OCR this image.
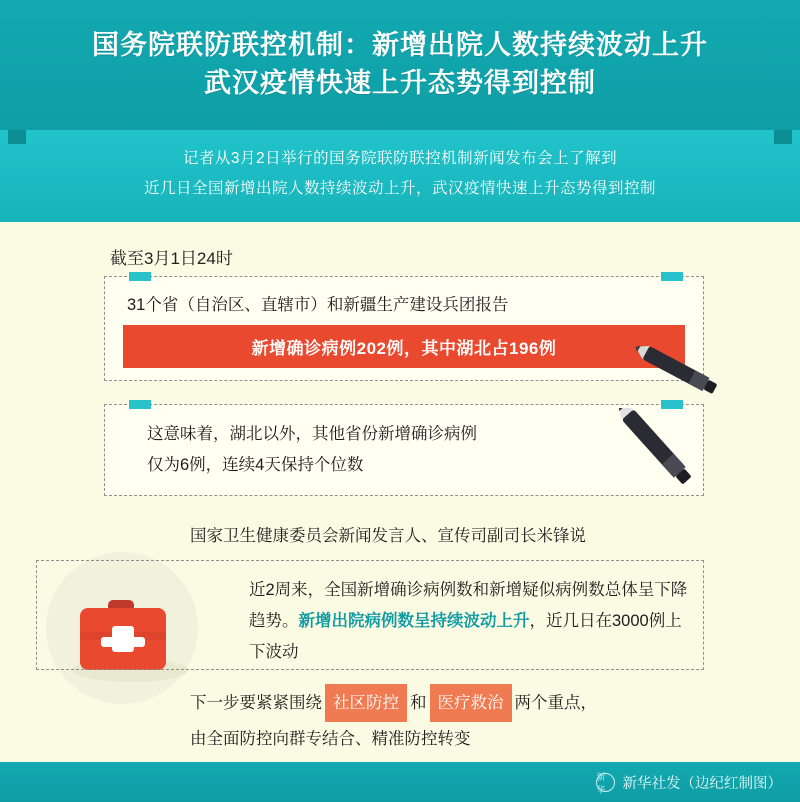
国务院联防联控机制：新增出院人数持续波动上升
武汉疫情快速上升态势得到控制
记者从3月2日举行的国务院联防联控机制新闻发布会上了解到
近几日全国新增出院人数持续波动上升，武汉疫情快速上升态势得到控制
截至3月1日24时
31个省（自治区、直辖市）和新疆生产建设兵团报告
新增确诊病例202例，其中湖北占196例
这意味着，湖北以外，其他省份新增确诊病例
仅为6例，连续4天保持个位数
国家卫生健康委员会新闻发言人、宣传司副司长米锋说
近2周来，全国新增确诊病例数和新增疑似病例数总体呈下降趋势。新增出院病例数呈持续波动上升，近几日在3000例上下波动
下一步要紧紧围绕 社区防控 和 医疗救治 两个重点，
由全面防控向群专结合、精准防控转变
新华	新华社发（边纪红制图）
